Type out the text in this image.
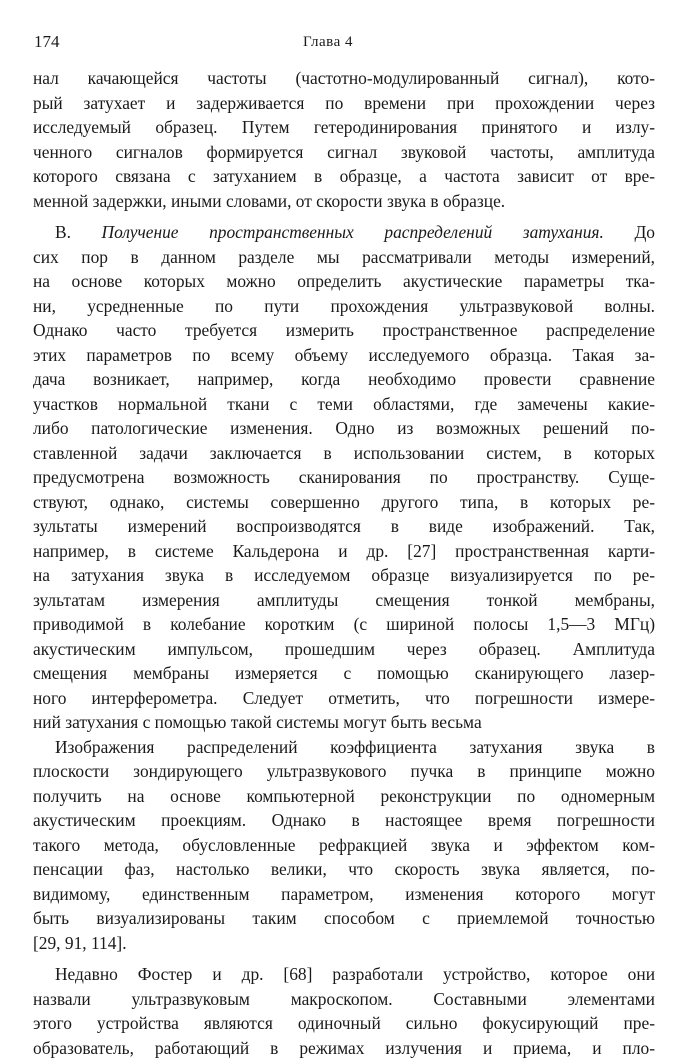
174	Глава 4
нал качающейся частоты (частотно-модулированный сигнал), кото-
рый затухает и задерживается по времени при прохождении через
исследуемый образец. Путем гетеродинирования принятого и излу-
ченного сигналов формируется сигнал звуковой частоты, амплитуда
которого связана с затуханием в образце, а частота зависит от вре-
менной задержки, иными словами, от скорости звука в образце.
В. Получение пространственных распределений затухания. До
сих пор в данном разделе мы рассматривали методы измерений,
на основе которых можно определить акустические параметры тка-
ни, усредненные по пути прохождения ультразвуковой волны.
Однако часто требуется измерить пространственное распределение
этих параметров по всему объему исследуемого образца. Такая за-
дача возникает, например, когда необходимо провести сравнение
участков нормальной ткани с теми областями, где замечены какие-
либо патологические изменения. Одно из возможных решений по-
ставленной задачи заключается в использовании систем, в которых
предусмотрена возможность сканирования по пространству. Суще-
ствуют, однако, системы совершенно другого типа, в которых ре-
зультаты измерений воспроизводятся в виде изображений. Так,
например, в системе Кальдерона и др. [27] пространственная карти-
на затухания звука в исследуемом образце визуализируется по ре-
зультатам измерения амплитуды смещения тонкой мембраны,
приводимой в колебание коротким (с шириной полосы 1,5—3 МГц)
акустическим импульсом, прошедшим через образец. Амплитуда
смещения мембраны измеряется с помощью сканирующего лазер-
ного интерферометра. Следует отметить, что погрешности измере-
ний затухания с помощью такой системы могут быть весьма
Изображения распределений коэффициента затухания звука в
плоскости зондирующего ультразвукового пучка в принципе можно
получить на основе компьютерной реконструкции по одномерным
акустическим проекциям. Однако в настоящее время погрешности
такого метода, обусловленные рефракцией звука и эффектом ком-
пенсации фаз, настолько велики, что скорость звука является, по-
видимому, единственным параметром, изменения которого могут
быть визуализированы таким способом с приемлемой точностью
[29, 91, 114].
Недавно Фостер и др. [68] разработали устройство, которое они
назвали ультразвуковым макроскопом. Составными элементами
этого устройства являются одиночный сильно фокусирующий пре-
образователь, работающий в режимах излучения и приема, и пло-
